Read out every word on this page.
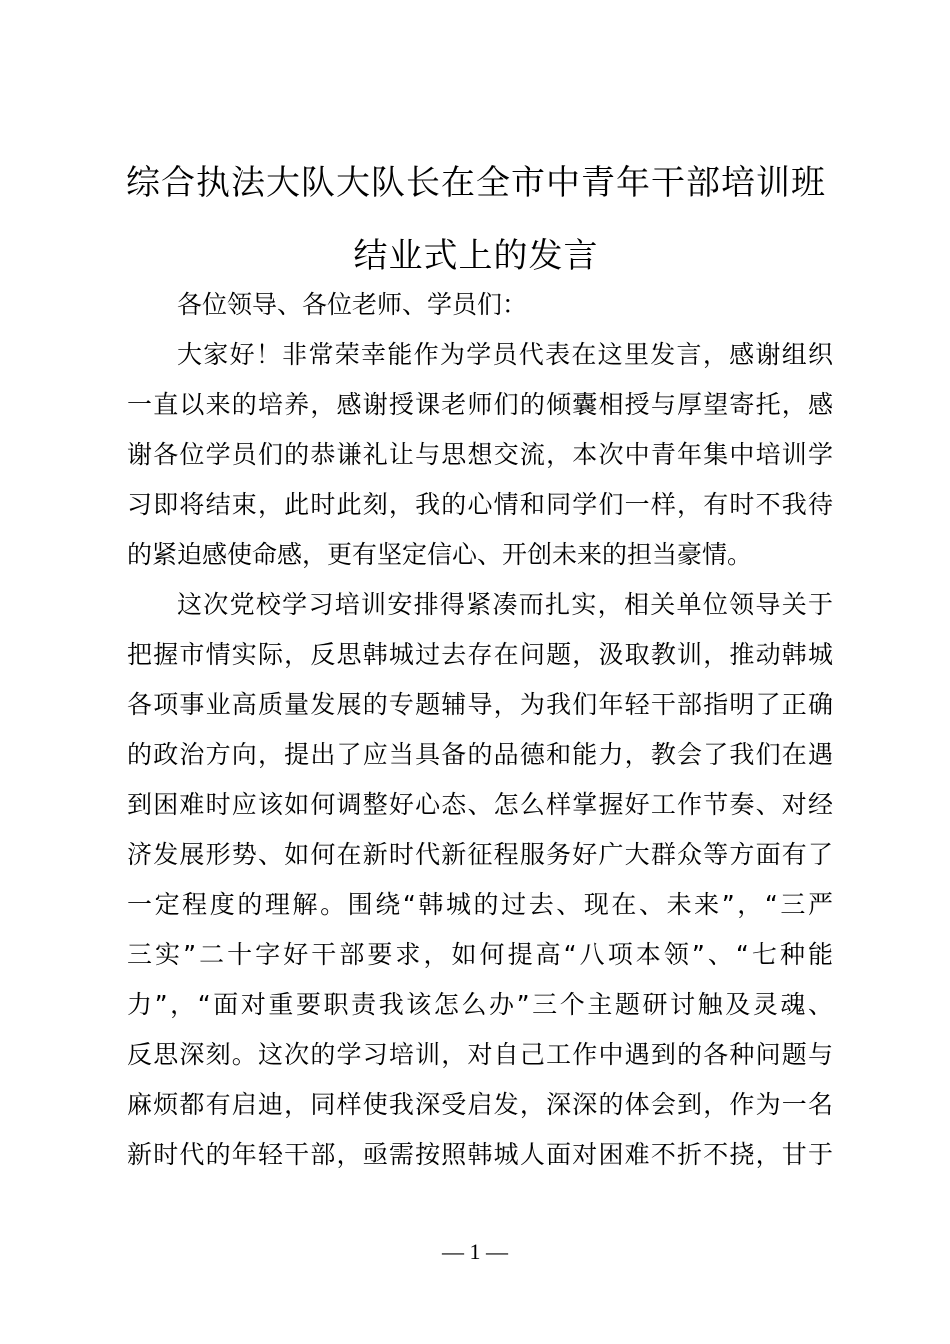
综合执法大队大队长在全市中青年干部培训班
结业式上的发言
各位领导、各位老师、学员们：
大家好！非常荣幸能作为学员代表在这里发言，感谢组织
一直以来的培养，感谢授课老师们的倾囊相授与厚望寄托，感
谢各位学员们的恭谦礼让与思想交流，本次中青年集中培训学
习即将结束，此时此刻，我的心情和同学们一样，有时不我待
的紧迫感使命感，更有坚定信心、开创未来的担当豪情。
这次党校学习培训安排得紧凑而扎实，相关单位领导关于
把握市情实际，反思韩城过去存在问题，汲取教训，推动韩城
各项事业高质量发展的专题辅导，为我们年轻干部指明了正确
的政治方向，提出了应当具备的品德和能力，教会了我们在遇
到困难时应该如何调整好心态、怎么样掌握好工作节奏、对经
济发展形势、如何在新时代新征程服务好广大群众等方面有了
一定程度的理解。围绕“韩城的过去、现在、未来”，“三严
三实”二十字好干部要求，如何提高“八项本领”、“七种能
力”，“面对重要职责我该怎么办”三个主题研讨触及灵魂、
反思深刻。这次的学习培训，对自己工作中遇到的各种问题与
麻烦都有启迪，同样使我深受启发，深深的体会到，作为一名
新时代的年轻干部，亟需按照韩城人面对困难不折不挠，甘于
— 1 —
